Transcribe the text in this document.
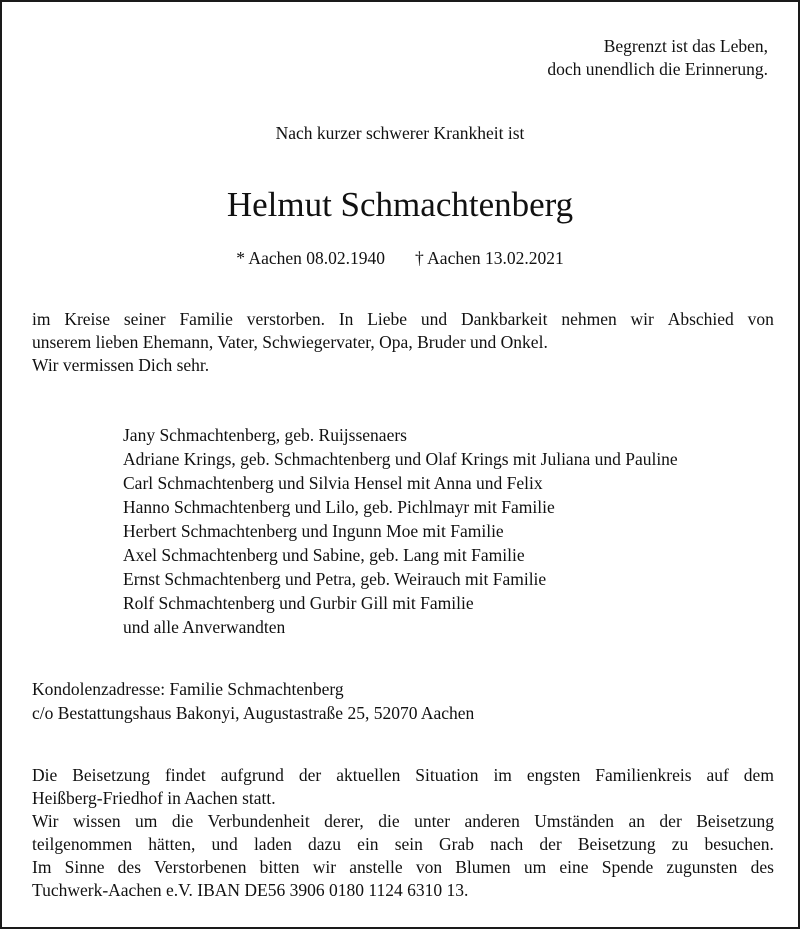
Begrenzt ist das Leben,
doch unendlich die Erinnerung.
Nach kurzer schwerer Krankheit ist
Helmut Schmachtenberg
* Aachen 08.02.1940 † Aachen 13.02.2021
im Kreise seiner Familie verstorben. In Liebe und Dankbarkeit nehmen wir Abschied von
unserem lieben Ehemann, Vater, Schwiegervater, Opa, Bruder und Onkel.
Wir vermissen Dich sehr.
Jany Schmachtenberg, geb. Ruijssenaers
Adriane Krings, geb. Schmachtenberg und Olaf Krings mit Juliana und Pauline
Carl Schmachtenberg und Silvia Hensel mit Anna und Felix
Hanno Schmachtenberg und Lilo, geb. Pichlmayr mit Familie
Herbert Schmachtenberg und Ingunn Moe mit Familie
Axel Schmachtenberg und Sabine, geb. Lang mit Familie
Ernst Schmachtenberg und Petra, geb. Weirauch mit Familie
Rolf Schmachtenberg und Gurbir Gill mit Familie
und alle Anverwandten
Kondolenzadresse: Familie Schmachtenberg
c/o Bestattungshaus Bakonyi, Augustastraße 25, 52070 Aachen
Die Beisetzung findet aufgrund der aktuellen Situation im engsten Familienkreis auf dem
Heißberg-Friedhof in Aachen statt.
Wir wissen um die Verbundenheit derer, die unter anderen Umständen an der Beisetzung
teilgenommen hätten, und laden dazu ein sein Grab nach der Beisetzung zu besuchen.
Im Sinne des Verstorbenen bitten wir anstelle von Blumen um eine Spende zugunsten des
Tuchwerk-Aachen e.V. IBAN DE56 3906 0180 1124 6310 13.
